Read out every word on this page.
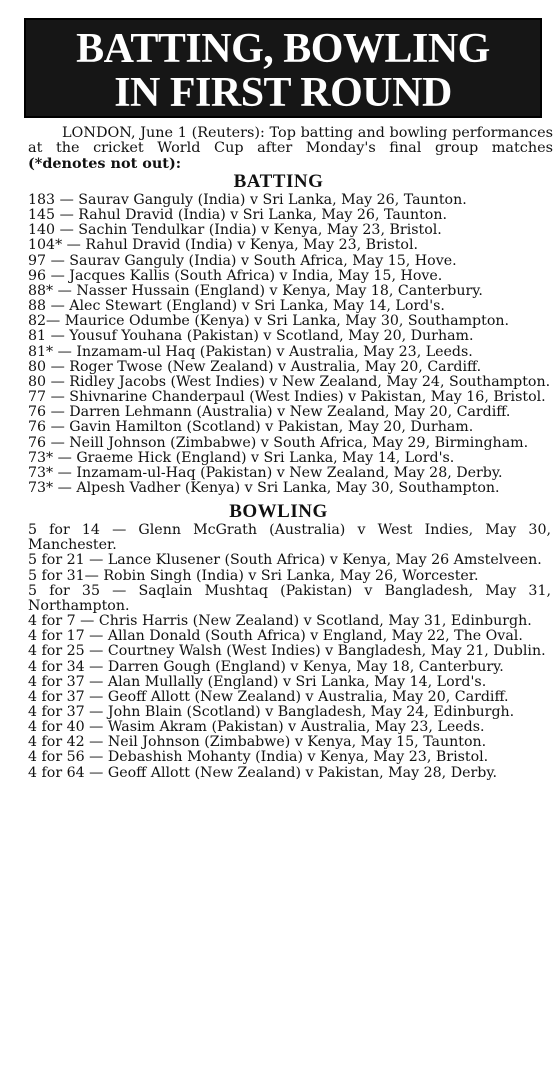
BATTING, BOWLING
IN FIRST ROUND

LONDON, June 1 (Reuters): Top batting and bowling performances at the cricket World Cup after Monday's final group matches (*denotes not out):

BATTING
183 — Saurav Ganguly (India) v Sri Lanka, May 26, Taunton.
145 — Rahul Dravid (India) v Sri Lanka, May 26, Taunton.
140 — Sachin Tendulkar (India) v Kenya, May 23, Bristol.
104* — Rahul Dravid (India) v Kenya, May 23, Bristol.
97 — Saurav Ganguly (India) v South Africa, May 15, Hove.
96 — Jacques Kallis (South Africa) v India, May 15, Hove.
88* — Nasser Hussain (England) v Kenya, May 18, Canterbury.
88 — Alec Stewart (England) v Sri Lanka, May 14, Lord's.
82— Maurice Odumbe (Kenya) v Sri Lanka, May 30, Southampton.
81 — Yousuf Youhana (Pakistan) v Scotland, May 20, Durham.
81* — Inzamam-ul Haq (Pakistan) v Australia, May 23, Leeds.
80 — Roger Twose (New Zealand) v Australia, May 20, Cardiff.
80 — Ridley Jacobs (West Indies) v New Zealand, May 24, Southampton.
77 — Shivnarine Chanderpaul (West Indies) v Pakistan, May 16, Bristol.
76 — Darren Lehmann (Australia) v New Zealand, May 20, Cardiff.
76 — Gavin Hamilton (Scotland) v Pakistan, May 20, Durham.
76 — Neill Johnson (Zimbabwe) v South Africa, May 29, Birmingham.
73* — Graeme Hick (England) v Sri Lanka, May 14, Lord's.
73* — Inzamam-ul-Haq (Pakistan) v New Zealand, May 28, Derby.
73* — Alpesh Vadher (Kenya) v Sri Lanka, May 30, Southampton.
BOWLING
5 for 14 — Glenn McGrath (Australia) v West Indies, May 30, Manchester.
5 for 21 — Lance Klusener (South Africa) v Kenya, May 26 Amstelveen.
5 for 31— Robin Singh (India) v Sri Lanka, May 26, Worcester.
5 for 35 — Saqlain Mushtaq (Pakistan) v Bangladesh, May 31, Northampton.
4 for 7 — Chris Harris (New Zealand) v Scotland, May 31, Edinburgh.
4 for 17 — Allan Donald (South Africa) v England, May 22, The Oval.
4 for 25 — Courtney Walsh (West Indies) v Bangladesh, May 21, Dublin.
4 for 34 — Darren Gough (England) v Kenya, May 18, Canterbury.
4 for 37 — Alan Mullally (England) v Sri Lanka, May 14, Lord's.
4 for 37 — Geoff Allott (New Zealand) v Australia, May 20, Cardiff.
4 for 37 — John Blain (Scotland) v Bangladesh, May 24, Edinburgh.
4 for 40 — Wasim Akram (Pakistan) v Australia, May 23, Leeds.
4 for 42 — Neil Johnson (Zimbabwe) v Kenya, May 15, Taunton.
4 for 56 — Debashish Mohanty (India) v Kenya, May 23, Bristol.
4 for 64 — Geoff Allott (New Zealand) v Pakistan, May 28, Derby.
